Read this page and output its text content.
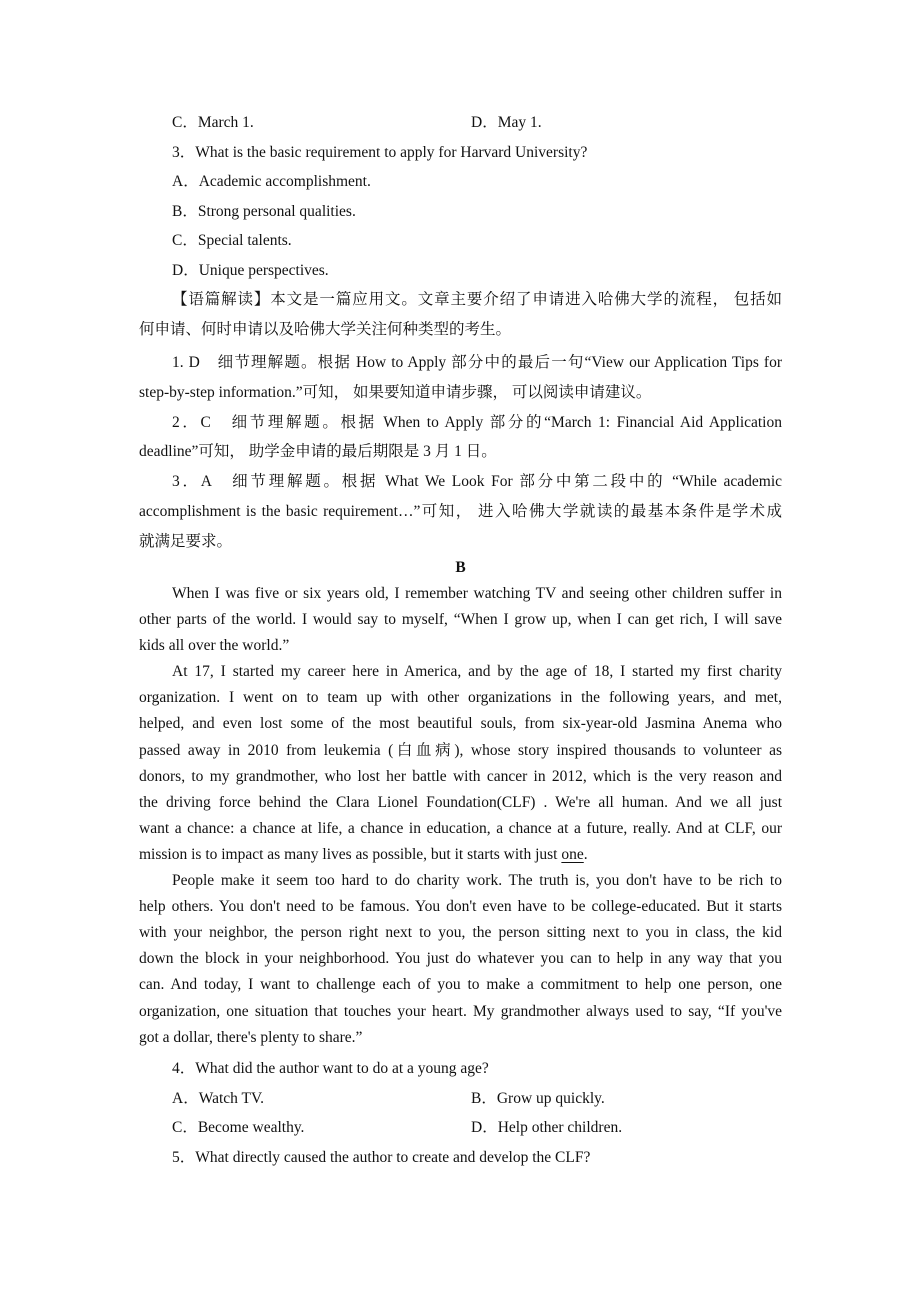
C．March 1.	D．May 1.
3．What is the basic requirement to apply for Harvard University?
A．Academic accomplishment.
B．Strong personal qualities.
C．Special talents.
D．Unique perspectives.
【语篇解读】本文是一篇应用文。文章主要介绍了申请进入哈佛大学的流程， 包括如
何申请、何时申请以及哈佛大学关注何种类型的考生。
1. D　细节理解题。根据 How to Apply 部分中的最后一句“View our Application Tips for
step-by-step information.”可知， 如果要知道申请步骤， 可以阅读申请建议。
2．C　细节理解题。根据 When to Apply 部分的“March 1: Financial Aid Application
deadline”可知， 助学金申请的最后期限是 3 月 1 日。
3．A　细节理解题。根据 What We Look For 部分中第二段中的 “While academic
accomplishment is the basic requirement…”可知， 进入哈佛大学就读的最基本条件是学术成
就满足要求。
B
When I was five or six years old, I remember watching TV and seeing other children suffer in
other parts of the world. I would say to myself, “When I grow up, when I can get rich, I will save
kids all over the world.”
At 17, I started my career here in America, and by the age of 18, I started my first charity
organization. I went on to team up with other organizations in the following years, and met,
helped, and even lost some of the most beautiful souls, from six-year-old Jasmina Anema who
passed away in 2010 from leukemia (白血病), whose story inspired thousands to volunteer as
donors, to my grandmother, who lost her battle with cancer in 2012, which is the very reason and
the driving force behind the Clara Lionel Foundation(CLF) . We're all human. And we all just
want a chance: a chance at life, a chance in education, a chance at a future, really. And at CLF, our
mission is to impact as many lives as possible, but it starts with just one.
People make it seem too hard to do charity work. The truth is, you don't have to be rich to
help others. You don't need to be famous. You don't even have to be college-educated. But it starts
with your neighbor, the person right next to you, the person sitting next to you in class, the kid
down the block in your neighborhood. You just do whatever you can to help in any way that you
can. And today, I want to challenge each of you to make a commitment to help one person, one
organization, one situation that touches your heart. My grandmother always used to say, “If you've
got a dollar, there's plenty to share.”
4．What did the author want to do at a young age?
A．Watch TV.	B．Grow up quickly.
C．Become wealthy.	D．Help other children.
5．What directly caused the author to create and develop the CLF?
